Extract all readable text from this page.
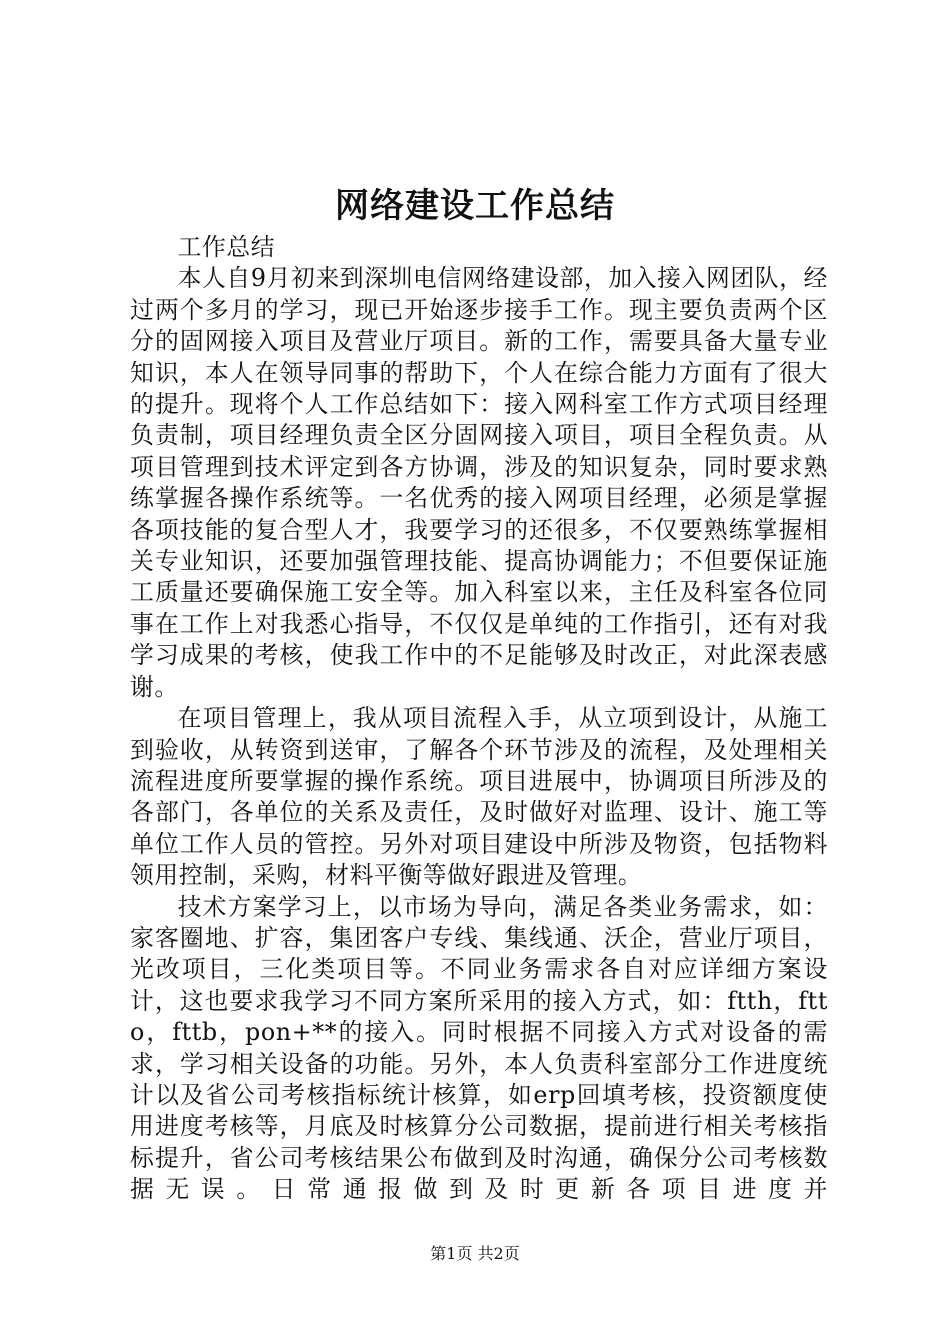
网络建设工作总结

工作总结

本人自9月初来到深圳电信网络建设部，加入接入网团队，经过两个多月的学习，现已开始逐步接手工作。现主要负责两个区分的固网接入项目及营业厅项目。新的工作，需要具备大量专业知识，本人在领导同事的帮助下，个人在综合能力方面有了很大的提升。现将个人工作总结如下：接入网科室工作方式项目经理负责制，项目经理负责全区分固网接入项目，项目全程负责。从项目管理到技术评定到各方协调，涉及的知识复杂，同时要求熟练掌握各操作系统等。一名优秀的接入网项目经理，必须是掌握各项技能的复合型人才，我要学习的还很多，不仅要熟练掌握相关专业知识，还要加强管理技能、提高协调能力；不但要保证施工质量还要确保施工安全等。加入科室以来，主任及科室各位同事在工作上对我悉心指导，不仅仅是单纯的工作指引，还有对我学习成果的考核，使我工作中的不足能够及时改正，对此深表感谢。

在项目管理上，我从项目流程入手，从立项到设计，从施工到验收，从转资到送审，了解各个环节涉及的流程，及处理相关流程进度所要掌握的操作系统。项目进展中，协调项目所涉及的各部门，各单位的关系及责任，及时做好对监理、设计、施工等单位工作人员的管控。另外对项目建设中所涉及物资，包括物料领用控制，采购，材料平衡等做好跟进及管理。

技术方案学习上，以市场为导向，满足各类业务需求，如：家客圈地、扩容，集团客户专线、集线通、沃企，营业厅项目，光改项目，三化类项目等。不同业务需求各自对应详细方案设计，这也要求我学习不同方案所采用的接入方式，如：ftth，ftto，fttb，pon+**的接入。同时根据不同接入方式对设备的需求，学习相关设备的功能。另外，本人负责科室部分工作进度统计以及省公司考核指标统计核算，如erp回填考核，投资额度使用进度考核等，月底及时核算分公司数据，提前进行相关考核指标提升，省公司考核结果公布做到及时沟通，确保分公司考核数据无误。日常通报做到及时更新各项目进度并

第1页 共2页
